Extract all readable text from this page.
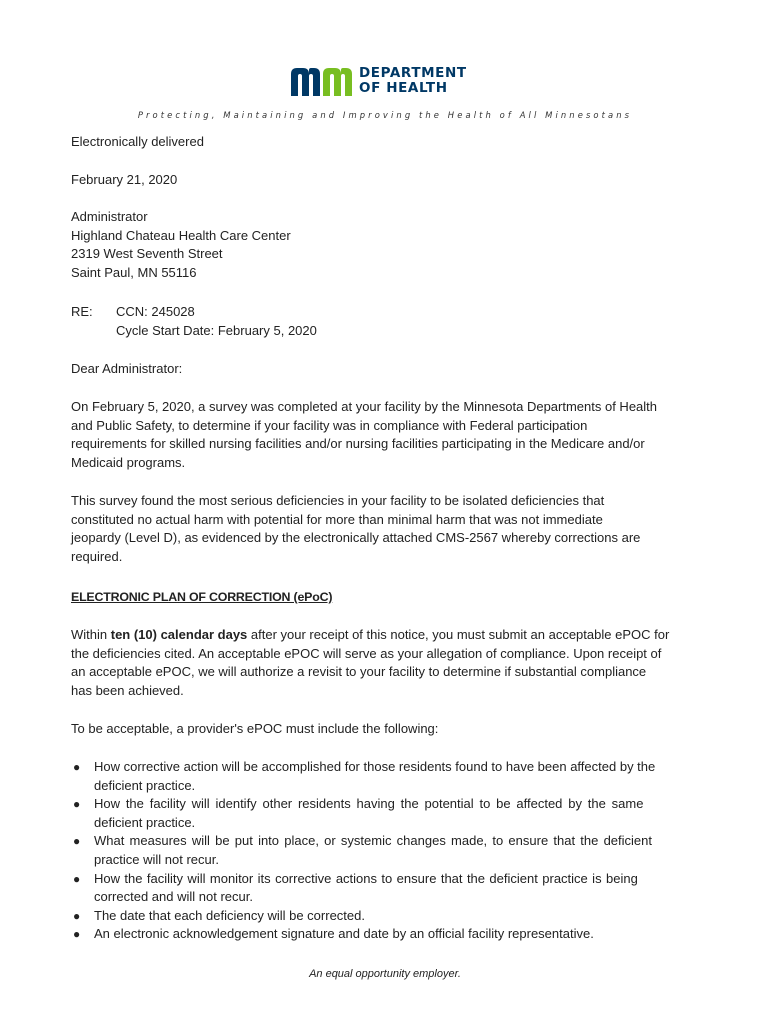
DEPARTMENT
OF HEALTH
Protecting, Maintaining and Improving the Health of All Minnesotans
Electronically delivered
February 21, 2020
Administrator
Highland Chateau Health Care Center
2319 West Seventh Street
Saint Paul, MN 55116
RE:	CCN: 245028
Cycle Start Date: February 5, 2020
Dear Administrator:
On February 5, 2020, a survey was completed at your facility by the Minnesota Departments of Health
and Public Safety, to determine if your facility was in compliance with Federal participation
requirements for skilled nursing facilities and/or nursing facilities participating in the Medicare and/or
Medicaid programs.
This survey found the most serious deficiencies in your facility to be isolated deficiencies that
constituted no actual harm with potential for more than minimal harm that was not immediate
jeopardy (Level D), as evidenced by the electronically attached CMS-2567 whereby corrections are
required.
ELECTRONIC PLAN OF CORRECTION (ePoC)
Within ten (10) calendar days after your receipt of this notice, you must submit an acceptable ePOC for
the deficiencies cited. An acceptable ePOC will serve as your allegation of compliance. Upon receipt of
an acceptable ePOC, we will authorize a revisit to your facility to determine if substantial compliance
has been achieved.
To be acceptable, a provider's ePOC must include the following:
● How corrective action will be accomplished for those residents found to have been affected by the
deficient practice.
● How the facility will identify other residents having the potential to be affected by the same
deficient practice.
● What measures will be put into place, or systemic changes made, to ensure that the deficient
practice will not recur.
● How the facility will monitor its corrective actions to ensure that the deficient practice is being
corrected and will not recur.
● The date that each deficiency will be corrected.
● An electronic acknowledgement signature and date by an official facility representative.
An equal opportunity employer.
